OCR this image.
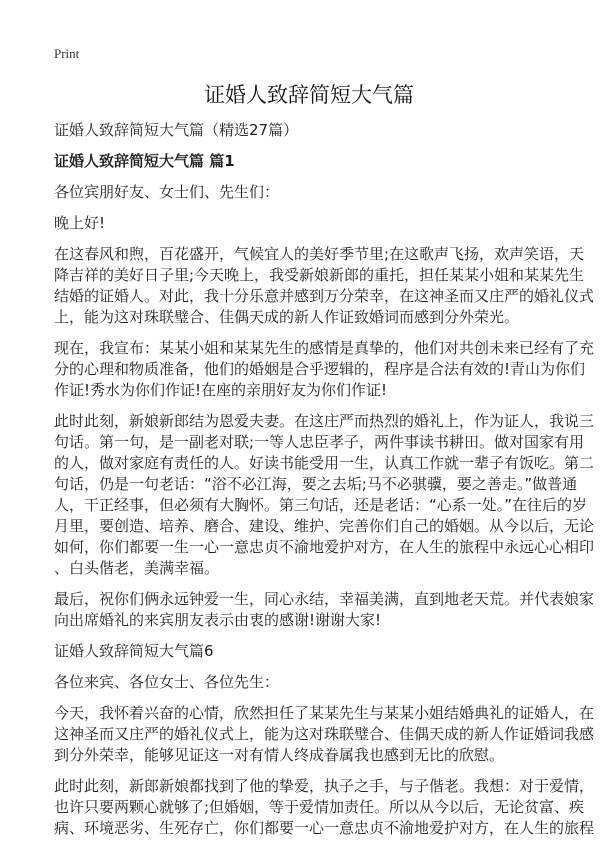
Print
证婚人致辞简短大气篇
证婚人致辞简短大气篇（精选27篇）
证婚人致辞简短大气篇 篇1
各位宾朋好友、女士们、先生们：
晚上好!
在这春风和煦，百花盛开，气候宜人的美好季节里;在这歌声飞扬，欢声笑语，天
降吉祥的美好日子里;今天晚上，我受新娘新郎的重托，担任某某小姐和某某先生
结婚的证婚人。对此，我十分乐意并感到万分荣幸，在这神圣而又庄严的婚礼仪式
上，能为这对珠联璧合、佳偶天成的新人作证致婚词而感到分外荣光。
现在，我宣布：某某小姐和某某先生的感情是真挚的，他们对共创未来已经有了充
分的心理和物质准备，他们的婚姻是合乎逻辑的，程序是合法有效的!青山为你们
作证!秀水为你们作证!在座的亲朋好友为你们作证!
此时此刻，新娘新郎结为恩爱夫妻。在这庄严而热烈的婚礼上，作为证人，我说三
句话。第一句，是一副老对联;一等人忠臣孝子，两件事读书耕田。做对国家有用
的人，做对家庭有责任的人。好读书能受用一生，认真工作就一辈子有饭吃。第二
句话，仍是一句老话：“浴不必江海，要之去垢;马不必骐骥，要之善走。”做普通
人，干正经事，但必须有大胸怀。第三句话，还是老话：“心系一处。”在往后的岁
月里，要创造、培养、磨合、建设、维护、完善你们自己的婚姻。从今以后，无论
如何，你们都要一生一心一意忠贞不渝地爱护对方，在人生的旅程中永远心心相印
、白头偕老，美满幸福。
最后，祝你们俩永远钟爱一生，同心永结，幸福美满，直到地老天荒。并代表娘家
向出席婚礼的来宾朋友表示由衷的感谢!谢谢大家!
证婚人致辞简短大气篇6
各位来宾、各位女士、各位先生：
今天，我怀着兴奋的心情，欣然担任了某某先生与某某小姐结婚典礼的证婚人，在
这神圣而又庄严的婚礼仪式上，能为这对珠联璧合、佳偶天成的新人作证婚词我感
到分外荣幸，能够见证这一对有情人终成眷属我也感到无比的欣慰。
此时此刻，新郎新娘都找到了他的挚爱，执子之手，与子偕老。我想：对于爱情，
也许只要两颗心就够了;但婚姻，等于爱情加责任。所以从今以后，无论贫富、疾
病、环境恶劣、生死存亡，你们都要一心一意忠贞不渝地爱护对方，在人生的旅程
